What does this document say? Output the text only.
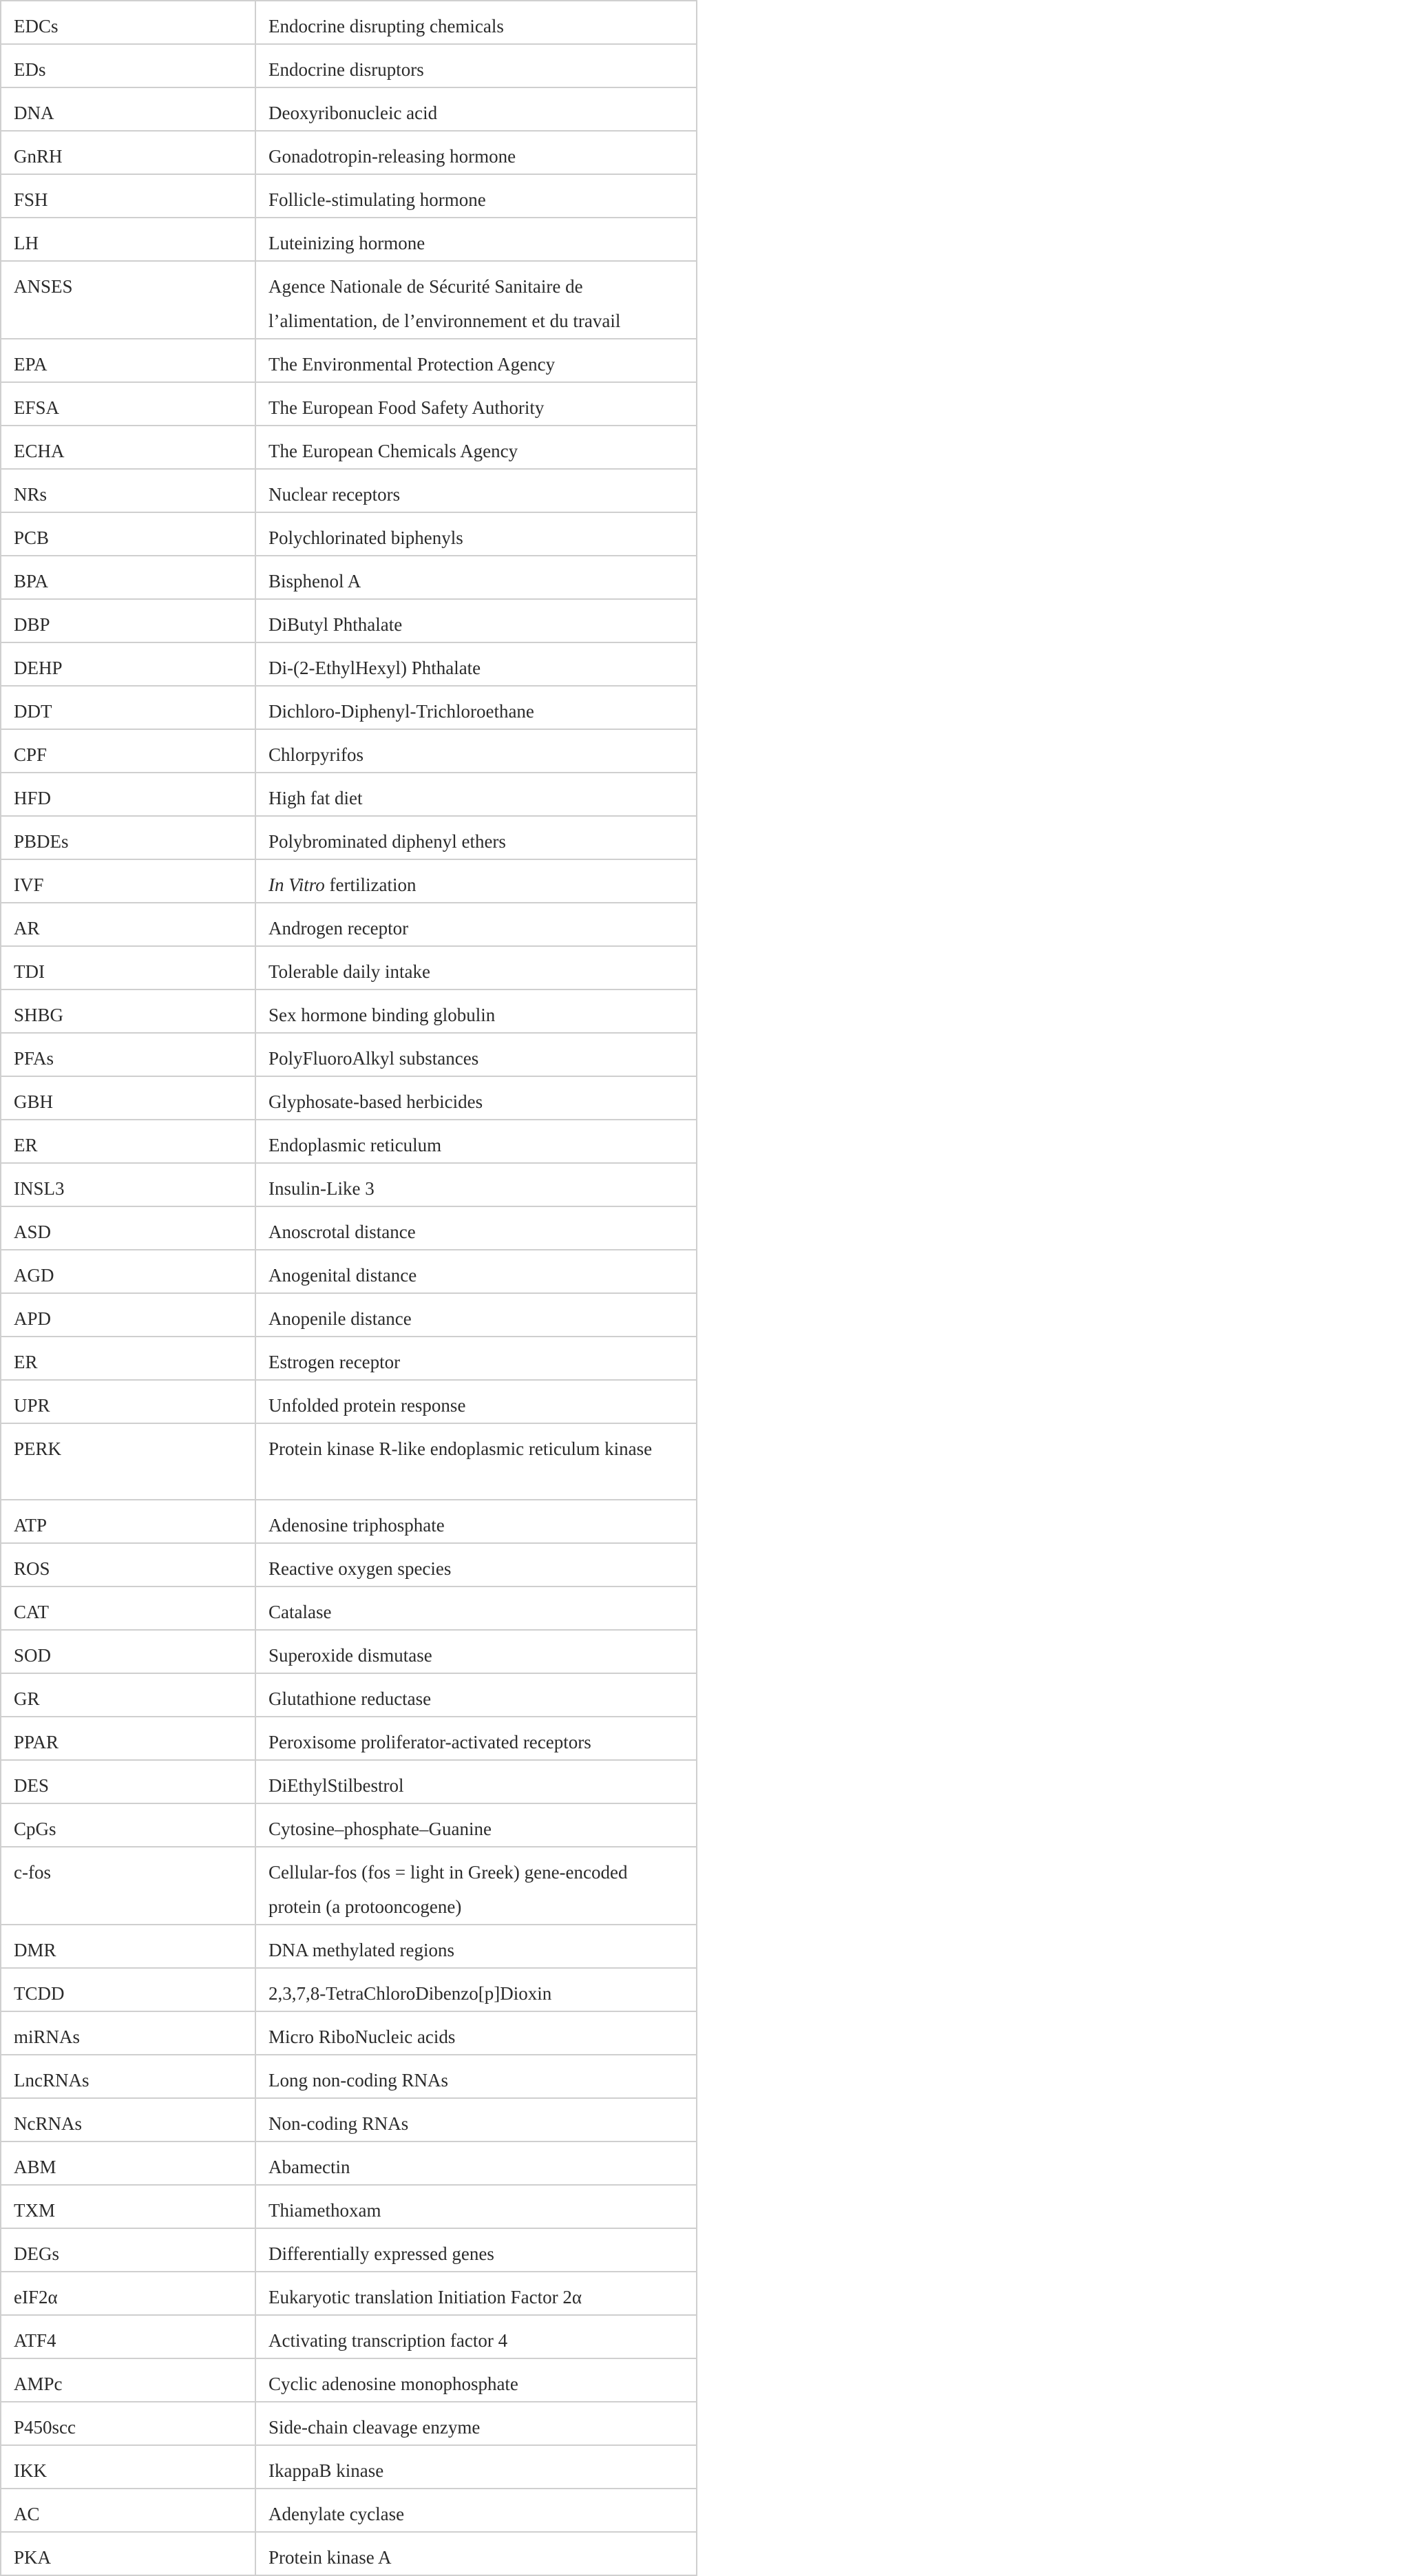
EDCs	Endocrine disrupting chemicals
EDs	Endocrine disruptors
DNA	Deoxyribonucleic acid
GnRH	Gonadotropin-releasing hormone
FSH	Follicle-stimulating hormone
LH	Luteinizing hormone
ANSES	Agence Nationale de Sécurité Sanitaire de l’alimentation, de l’environnement et du travail
EPA	The Environmental Protection Agency
EFSA	The European Food Safety Authority
ECHA	The European Chemicals Agency
NRs	Nuclear receptors
PCB	Polychlorinated biphenyls
BPA	Bisphenol A
DBP	DiButyl Phthalate
DEHP	Di-(2-EthylHexyl) Phthalate
DDT	Dichloro-Diphenyl-Trichloroethane
CPF	Chlorpyrifos
HFD	High fat diet
PBDEs	Polybrominated diphenyl ethers
IVF	In Vitro fertilization
AR	Androgen receptor
TDI	Tolerable daily intake
SHBG	Sex hormone binding globulin
PFAs	PolyFluoroAlkyl substances
GBH	Glyphosate-based herbicides
ER	Endoplasmic reticulum
INSL3	Insulin-Like 3
ASD	Anoscrotal distance
AGD	Anogenital distance
APD	Anopenile distance
ER	Estrogen receptor
UPR	Unfolded protein response
PERK	Protein kinase R-like endoplasmic reticulum kinase
ATP	Adenosine triphosphate
ROS	Reactive oxygen species
CAT	Catalase
SOD	Superoxide dismutase
GR	Glutathione reductase
PPAR	Peroxisome proliferator-activated receptors
DES	DiEthylStilbestrol
CpGs	Cytosine–phosphate–Guanine
c-fos	Cellular-fos (fos = light in Greek) gene-encoded protein (a protooncogene)
DMR	DNA methylated regions
TCDD	2,3,7,8-TetraChloroDibenzo[p]Dioxin
miRNAs	Micro RiboNucleic acids
LncRNAs	Long non-coding RNAs
NcRNAs	Non-coding RNAs
ABM	Abamectin
TXM	Thiamethoxam
DEGs	Differentially expressed genes
eIF2α	Eukaryotic translation Initiation Factor 2α
ATF4	Activating transcription factor 4
AMPc	Cyclic adenosine monophosphate
P450scc	Side-chain cleavage enzyme
IKK	IkappaB kinase
AC	Adenylate cyclase
PKA	Protein kinase A
